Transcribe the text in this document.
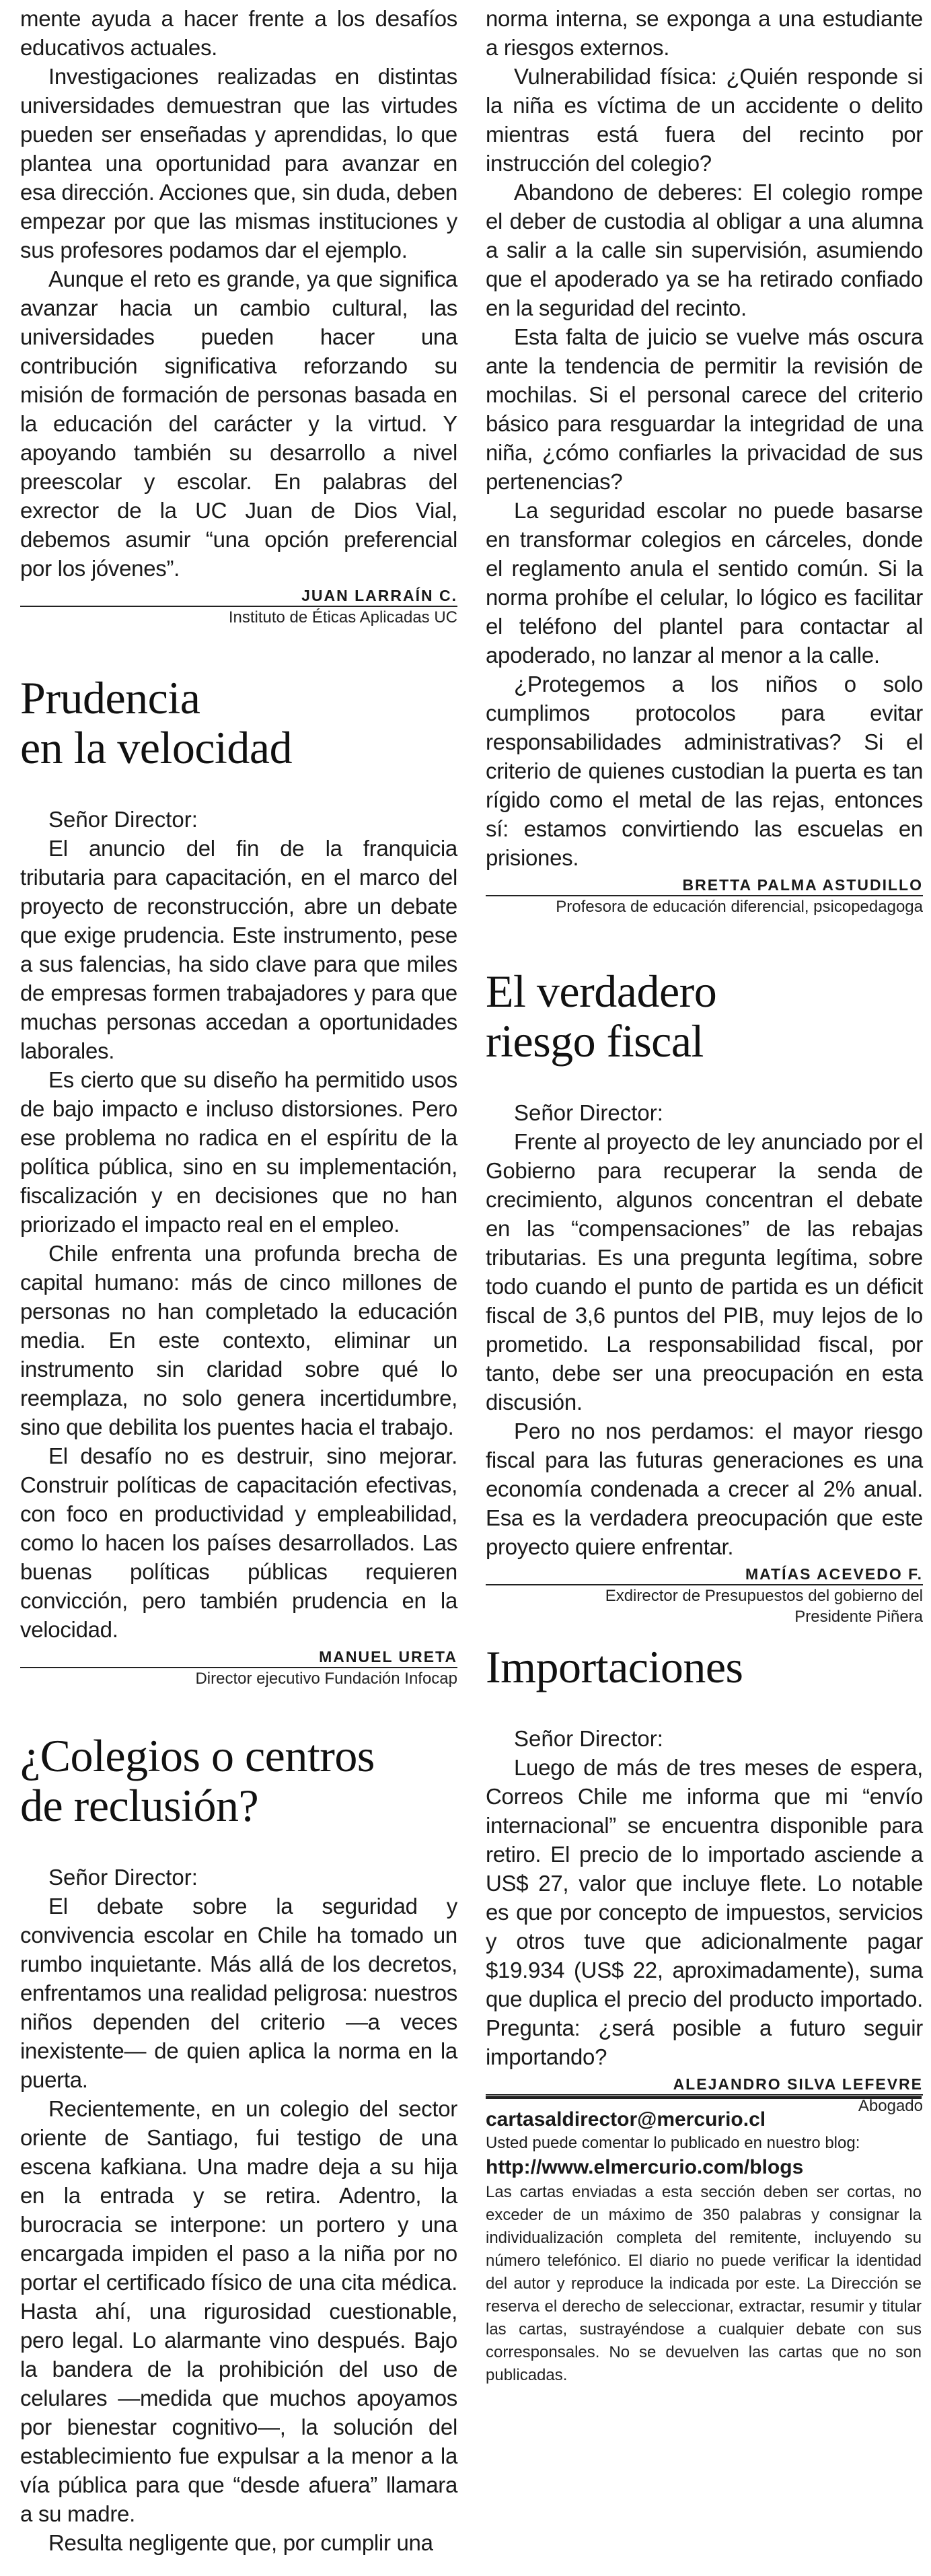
mente ayuda a hacer frente a los desafíos educativos actuales.

Investigaciones realizadas en distintas universidades demuestran que las virtudes pueden ser enseñadas y aprendidas, lo que plantea una oportunidad para avanzar en esa dirección. Acciones que, sin duda, deben empezar por que las mismas instituciones y sus profesores podamos dar el ejemplo.

Aunque el reto es grande, ya que significa avanzar hacia un cambio cultural, las universidades pueden hacer una contribución significativa reforzando su misión de formación de personas basada en la educación del carácter y la virtud. Y apoyando también su desarrollo a nivel preescolar y escolar. En palabras del exrector de la UC Juan de Dios Vial, debemos asumir “una opción preferencial por los jóvenes”.

JUAN LARRAÍN C.
Instituto de Éticas Aplicadas UC
Prudencia
en la velocidad
Señor Director:

El anuncio del fin de la franquicia tributaria para capacitación, en el marco del proyecto de reconstrucción, abre un debate que exige prudencia. Este instrumento, pese a sus falencias, ha sido clave para que miles de empresas formen trabajadores y para que muchas personas accedan a oportunidades laborales.

Es cierto que su diseño ha permitido usos de bajo impacto e incluso distorsiones. Pero ese problema no radica en el espíritu de la política pública, sino en su implementación, fiscalización y en decisiones que no han priorizado el impacto real en el empleo.

Chile enfrenta una profunda brecha de capital humano: más de cinco millones de personas no han completado la educación media. En este contexto, eliminar un instrumento sin claridad sobre qué lo reemplaza, no solo genera incertidumbre, sino que debilita los puentes hacia el trabajo.

El desafío no es destruir, sino mejorar. Construir políticas de capacitación efectivas, con foco en productividad y empleabilidad, como lo hacen los países desarrollados. Las buenas políticas públicas requieren convicción, pero también prudencia en la velocidad.

MANUEL URETA
Director ejecutivo Fundación Infocap
¿Colegios o centros
de reclusión?
Señor Director:

El debate sobre la seguridad y convivencia escolar en Chile ha tomado un rumbo inquietante. Más allá de los decretos, enfrentamos una realidad peligrosa: nuestros niños dependen del criterio —a veces inexistente— de quien aplica la norma en la puerta.

Recientemente, en un colegio del sector oriente de Santiago, fui testigo de una escena kafkiana. Una madre deja a su hija en la entrada y se retira. Adentro, la burocracia se interpone: un portero y una encargada impiden el paso a la niña por no portar el certificado físico de una cita médica. Hasta ahí, una rigurosidad cuestionable, pero legal. Lo alarmante vino después. Bajo la bandera de la prohibición del uso de celulares —medida que muchos apoyamos por bienestar cognitivo—, la solución del establecimiento fue expulsar a la menor a la vía pública para que “desde afuera” llamara a su madre.

Resulta negligente que, por cumplir una

norma interna, se exponga a una estudiante a riesgos externos.

Vulnerabilidad física: ¿Quién responde si la niña es víctima de un accidente o delito mientras está fuera del recinto por instrucción del colegio?

Abandono de deberes: El colegio rompe el deber de custodia al obligar a una alumna a salir a la calle sin supervisión, asumiendo que el apoderado ya se ha retirado confiado en la seguridad del recinto.

Esta falta de juicio se vuelve más oscura ante la tendencia de permitir la revisión de mochilas. Si el personal carece del criterio básico para resguardar la integridad de una niña, ¿cómo confiarles la privacidad de sus pertenencias?

La seguridad escolar no puede basarse en transformar colegios en cárceles, donde el reglamento anula el sentido común. Si la norma prohíbe el celular, lo lógico es facilitar el teléfono del plantel para contactar al apoderado, no lanzar al menor a la calle.

¿Protegemos a los niños o solo cumplimos protocolos para evitar responsabilidades administrativas? Si el criterio de quienes custodian la puerta es tan rígido como el metal de las rejas, entonces sí: estamos convirtiendo las escuelas en prisiones.

BRETTA PALMA ASTUDILLO
Profesora de educación diferencial, psicopedagoga
El verdadero
riesgo fiscal
Señor Director:

Frente al proyecto de ley anunciado por el Gobierno para recuperar la senda de crecimiento, algunos concentran el debate en las “compensaciones” de las rebajas tributarias. Es una pregunta legítima, sobre todo cuando el punto de partida es un déficit fiscal de 3,6 puntos del PIB, muy lejos de lo prometido. La responsabilidad fiscal, por tanto, debe ser una preocupación en esta discusión.

Pero no nos perdamos: el mayor riesgo fiscal para las futuras generaciones es una economía condenada a crecer al 2% anual. Esa es la verdadera preocupación que este proyecto quiere enfrentar.

MATÍAS ACEVEDO F.
Exdirector de Presupuestos del gobierno del
Presidente Piñera
Importaciones
Señor Director:

Luego de más de tres meses de espera, Correos Chile me informa que mi “envío internacional” se encuentra disponible para retiro. El precio de lo importado asciende a US$ 27, valor que incluye flete. Lo notable es que por concepto de impuestos, servicios y otros tuve que adicionalmente pagar $19.934 (US$ 22, aproximadamente), suma que duplica el precio del producto importado. Pregunta: ¿será posible a futuro seguir importando?

ALEJANDRO SILVA LEFEVRE
Abogado
cartasaldirector@mercurio.cl
Usted puede comentar lo publicado en nuestro blog:
http://www.elmercurio.com/blogs
Las cartas enviadas a esta sección deben ser cortas, no exceder de un máximo de 350 palabras y consignar la individualización completa del remitente, incluyendo su número telefónico. El diario no puede verificar la identidad del autor y reproduce la indicada por este. La Dirección se reserva el derecho de seleccionar, extractar, resumir y titular las cartas, sustrayéndose a cualquier debate con sus corresponsales. No se devuelven las cartas que no son publicadas.
